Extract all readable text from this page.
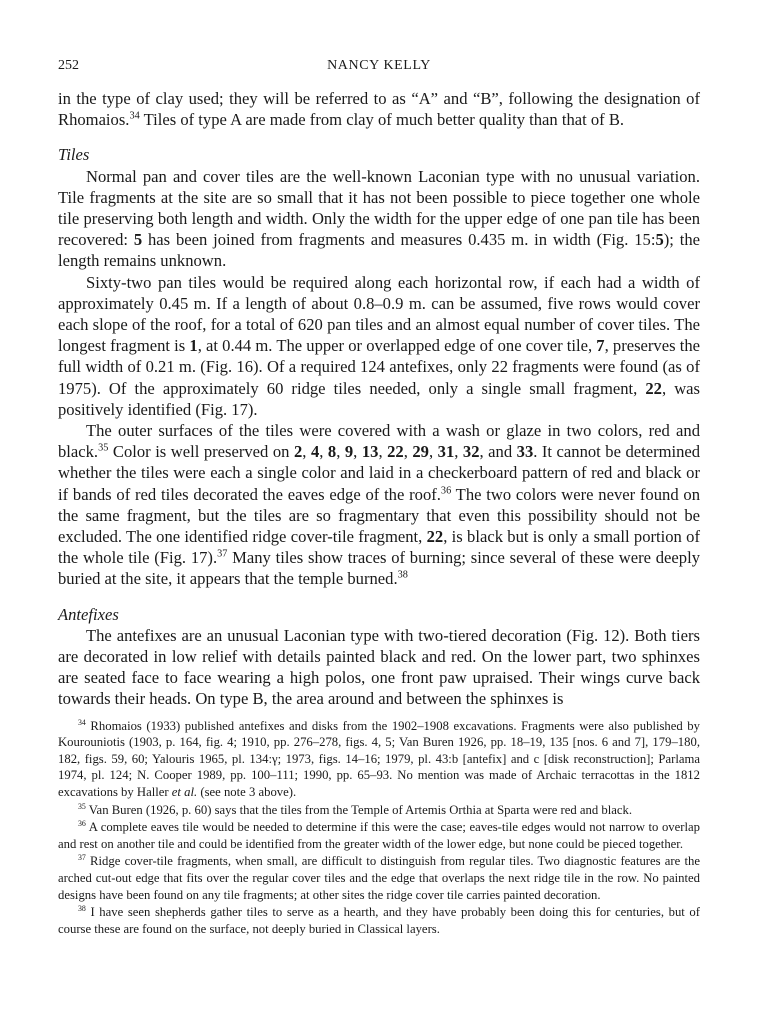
252	NANCY KELLY

in the type of clay used; they will be referred to as “A” and “B”, following the designation of Rhomaios.$^{34}$ Tiles of type A are made from clay of much better quality than that of B.

Tiles

Normal pan and cover tiles are the well-known Laconian type with no unusual variation. Tile fragments at the site are so small that it has not been possible to piece together one whole tile preserving both length and width. Only the width for the upper edge of one pan tile has been recovered: 5 has been joined from fragments and measures 0.435 m. in width (Fig. 15:5); the length remains unknown.

Sixty-two pan tiles would be required along each horizontal row, if each had a width of approximately 0.45 m. If a length of about 0.8–0.9 m. can be assumed, five rows would cover each slope of the roof, for a total of 620 pan tiles and an almost equal number of cover tiles. The longest fragment is 1, at 0.44 m. The upper or overlapped edge of one cover tile, 7, preserves the full width of 0.21 m. (Fig. 16). Of a required 124 antefixes, only 22 fragments were found (as of 1975). Of the approximately 60 ridge tiles needed, only a single small fragment, 22, was positively identified (Fig. 17).

The outer surfaces of the tiles were covered with a wash or glaze in two colors, red and black.$^{35}$ Color is well preserved on 2, 4, 8, 9, 13, 22, 29, 31, 32, and 33. It cannot be determined whether the tiles were each a single color and laid in a checkerboard pattern of red and black or if bands of red tiles decorated the eaves edge of the roof.$^{36}$ The two colors were never found on the same fragment, but the tiles are so fragmentary that even this possibility should not be excluded. The one identified ridge cover-tile fragment, 22, is black but is only a small portion of the whole tile (Fig. 17).$^{37}$ Many tiles show traces of burning; since several of these were deeply buried at the site, it appears that the temple burned.$^{38}$

Antefixes

The antefixes are an unusual Laconian type with two-tiered decoration (Fig. 12). Both tiers are decorated in low relief with details painted black and red. On the lower part, two sphinxes are seated face to face wearing a high polos, one front paw upraised. Their wings curve back towards their heads. On type B, the area around and between the sphinxes is

$^{34}$ Rhomaios (1933) published antefixes and disks from the 1902–1908 excavations. Fragments were also published by Kourouniotis (1903, p. 164, fig. 4; 1910, pp. 276–278, figs. 4, 5; Van Buren 1926, pp. 18–19, 135 [nos. 6 and 7], 179–180, 182, figs. 59, 60; Yalouris 1965, pl. 134:γ; 1973, figs. 14–16; 1979, pl. 43:b [antefix] and c [disk reconstruction]; Parlama 1974, pl. 124; N. Cooper 1989, pp. 100–111; 1990, pp. 65–93. No mention was made of Archaic terracottas in the 1812 excavations by Haller et al. (see note 3 above).

$^{35}$ Van Buren (1926, p. 60) says that the tiles from the Temple of Artemis Orthia at Sparta were red and black.

$^{36}$ A complete eaves tile would be needed to determine if this were the case; eaves-tile edges would not narrow to overlap and rest on another tile and could be identified from the greater width of the lower edge, but none could be pieced together.

$^{37}$ Ridge cover-tile fragments, when small, are difficult to distinguish from regular tiles. Two diagnostic features are the arched cut-out edge that fits over the regular cover tiles and the edge that overlaps the next ridge tile in the row. No painted designs have been found on any tile fragments; at other sites the ridge cover tile carries painted decoration.

$^{38}$ I have seen shepherds gather tiles to serve as a hearth, and they have probably been doing this for centuries, but of course these are found on the surface, not deeply buried in Classical layers.
